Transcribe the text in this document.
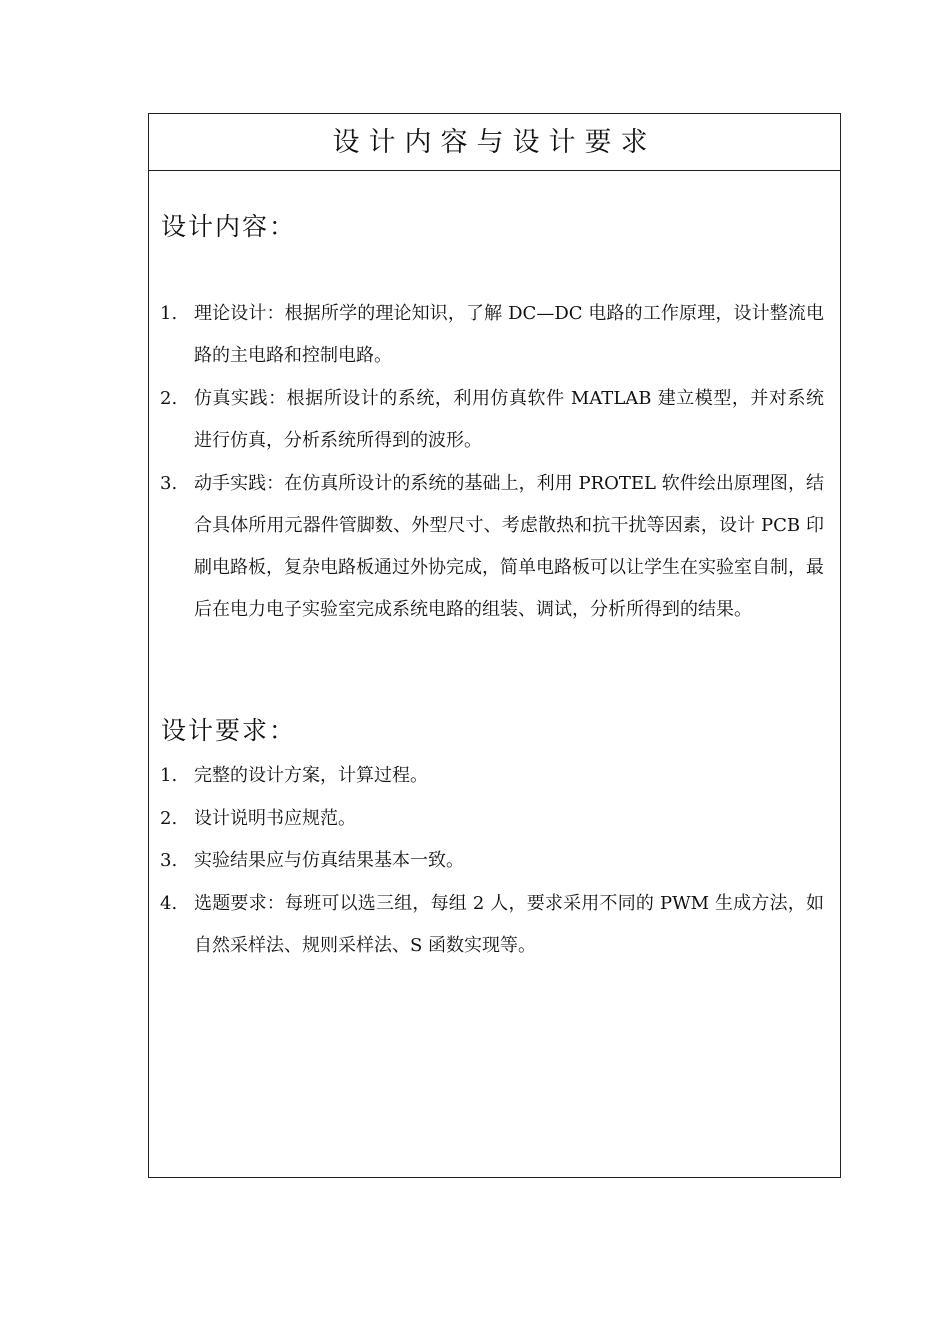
设计内容与设计要求
设计内容：
1. 理论设计：根据所学的理论知识，了解 DC—DC 电路的工作原理，设计整流电路的主电路和控制电路。

2. 仿真实践：根据所设计的系统，利用仿真软件 MATLAB 建立模型，并对系统进行仿真，分析系统所得到的波形。

3. 动手实践：在仿真所设计的系统的基础上，利用 PROTEL 软件绘出原理图，结合具体所用元器件管脚数、外型尺寸、考虑散热和抗干扰等因素，设计 PCB 印刷电路板，复杂电路板通过外协完成，简单电路板可以让学生在实验室自制，最后在电力电子实验室完成系统电路的组装、调试，分析所得到的结果。

设计要求：
1. 完整的设计方案，计算过程。

2. 设计说明书应规范。

3. 实验结果应与仿真结果基本一致。

4. 选题要求：每班可以选三组，每组 2 人，要求采用不同的 PWM 生成方法，如自然采样法、规则采样法、S 函数实现等。
